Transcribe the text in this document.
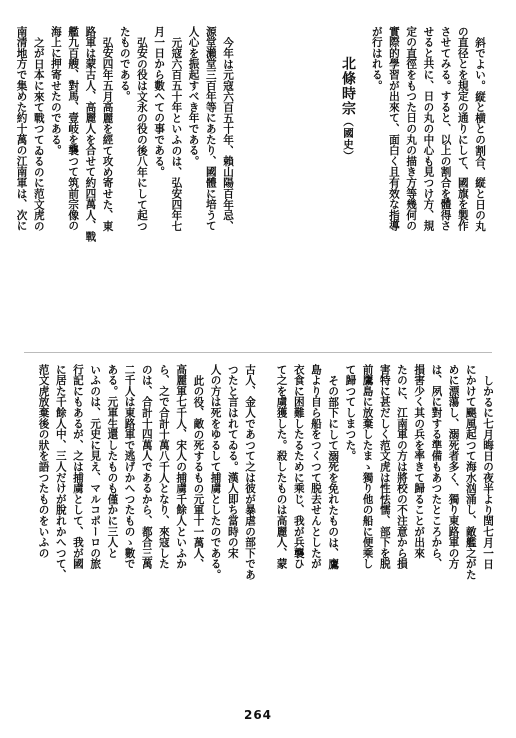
斜でよい。縦と横との割合、縦と日の丸

の直径とを規定の通りにして、國旗を製作

させてみる。すると、以上の割合を體得さ

せると共に、日の丸の中心も見つけ方、規

定の直徑をもつた日の丸の描き方等幾何の

實際的學習が出來て、面白く且有效な指導

が行はれる。

北條時宗（國史）

今年は元寇六百五十年、賴山陽百年忌、

源堂瀨堂三百年等にあたり、國體に培うて

人心を振起すべき年である。

元寇六百五十年といふのは、弘安四年七

月一日から數へての事である。

弘安の役は文永の役の後八年にして起つ

たものである。

弘安四年五月高麗を經て攻め寄せた、東

路軍は蒙古人、高麗人を合せて約四萬人、戰

艦九百艘、對馬、壹岐を襲つて筑前宗像の

海上に押寄せたのである。

之が日本に來て戰つてゐるのに范文虎の

南清地方で集めた約十萬の江南軍は、次に

しかるに七月晦日の夜半より閏七月一日

にかけて颶風起つて海水汹涌し、敵艦之がた

めに漂蕩し、溺死者多く、獨り東路軍の方

は、夙に對する準備もあつたところから、

損害少く其の兵を率きて歸ることが出來

たのに、江南軍の方は將校の不注意から損

害特に甚だしく范文虎は性怯懦、部下を脱

前鷹島に放棄したまゝ獨り他の船に便乘し

て歸つてしまつた。

その部下にして溺死を免れたものは、鷹

島より自ら船をつくつて脱去せんとしたが

衣食に困難したるために乘じ、我が兵襲ひ

て之を虜獲した。殺したものは高麗人、蒙

古人、金人であつて之は彼が暴虐の部下であ

つたと言はれてゐる。漢人即ち當時の宋

人の方は死をゆるして捕虜としたのである。

此の役、敵の死するもの元軍十一萬人、

高麗軍七千人、宋人の捕虜千餘人といふか

ら、之で合計十萬八千人となり、來寇した

のは、合計十四萬人であるから、都合三萬

二千人は東路軍で逃げかへつたものゝ數で

ある。元軍生還したものも僅かに三人と

いふのは、元史に見え、マルコポーロの旅

行記にもあるが、之は捕虜として、我が國

に居た千餘人中、三人だけが脫れかへつて、

范文虎放棄後の狀を語つたものをいふの

264
